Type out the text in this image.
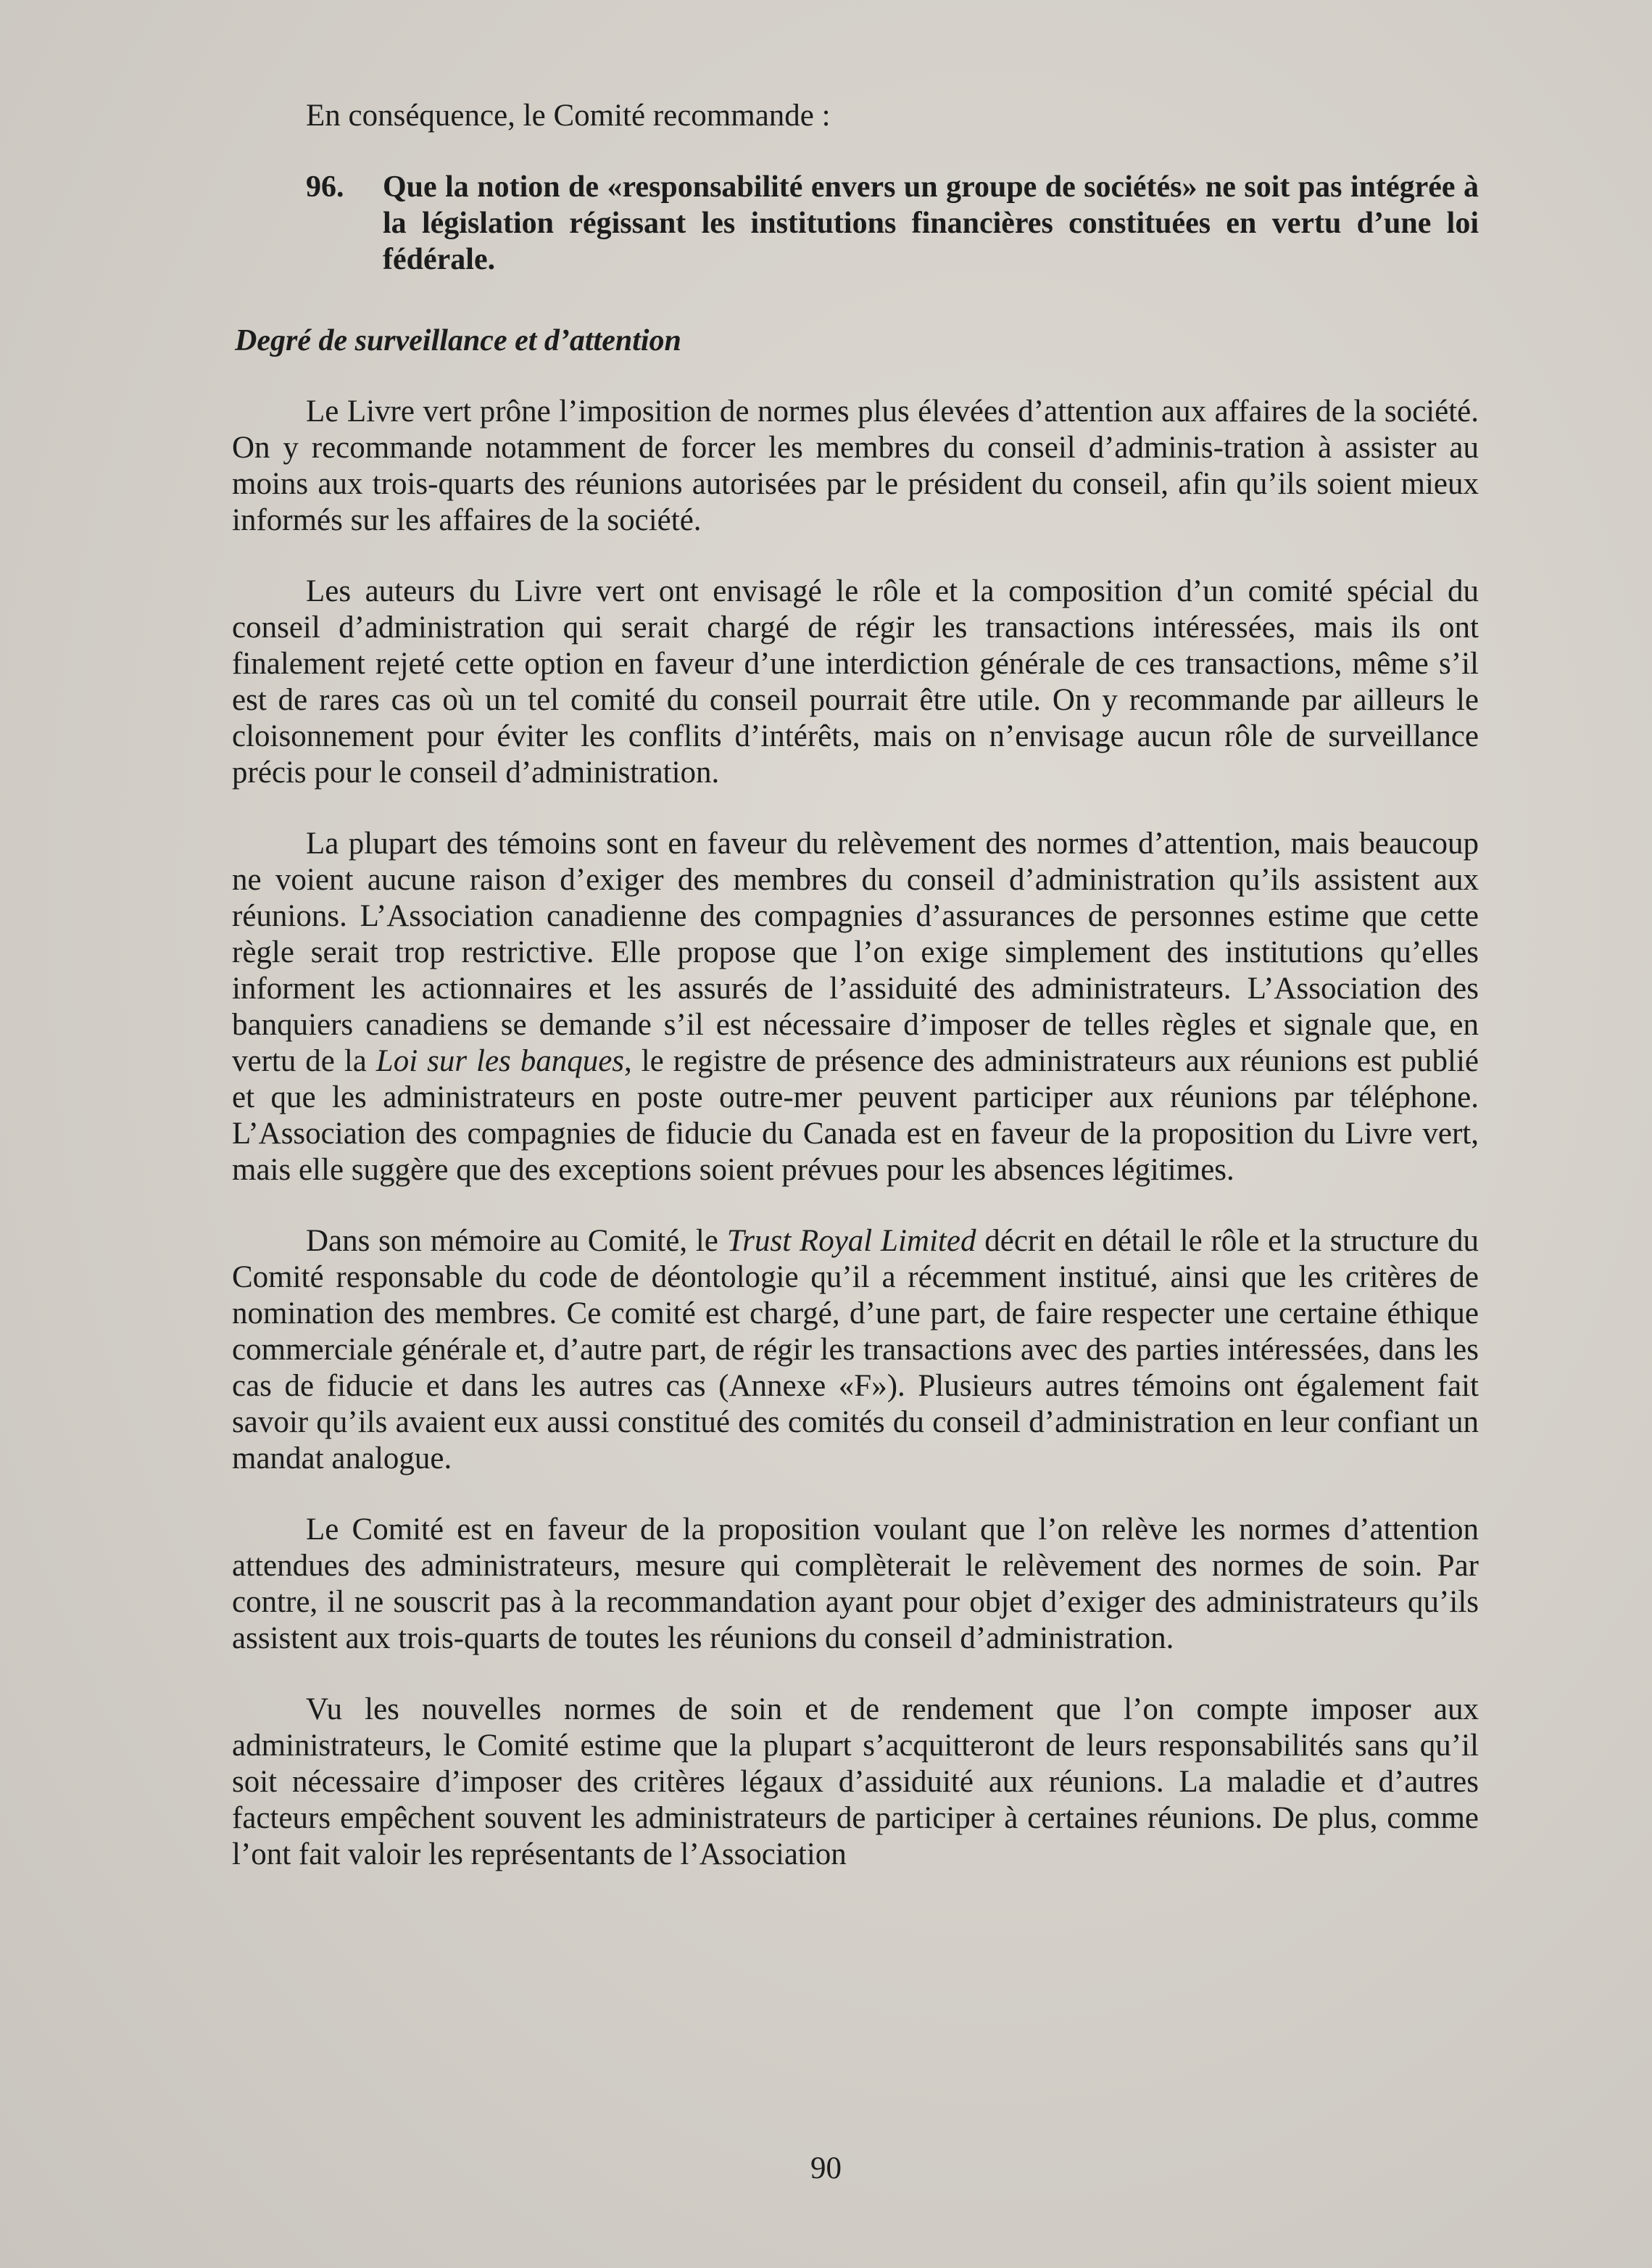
En conséquence, le Comité recommande :

96.	Que la notion de «responsabilité envers un groupe de sociétés» ne soit pas intégrée à la législation régissant les institutions financières constituées en vertu d’une loi fédérale.
Degré de surveillance et d’attention

Le Livre vert prône l’imposition de normes plus élevées d’attention aux affaires de la société. On y recommande notamment de forcer les membres du conseil d’adminis-tration à assister au moins aux trois-quarts des réunions autorisées par le président du conseil, afin qu’ils soient mieux informés sur les affaires de la société.

Les auteurs du Livre vert ont envisagé le rôle et la composition d’un comité spécial du conseil d’administration qui serait chargé de régir les transactions intéressées, mais ils ont finalement rejeté cette option en faveur d’une interdiction générale de ces transactions, même s’il est de rares cas où un tel comité du conseil pourrait être utile. On y recommande par ailleurs le cloisonnement pour éviter les conflits d’intérêts, mais on n’envisage aucun rôle de surveillance précis pour le conseil d’administration.

La plupart des témoins sont en faveur du relèvement des normes d’attention, mais beaucoup ne voient aucune raison d’exiger des membres du conseil d’administration qu’ils assistent aux réunions. L’Association canadienne des compagnies d’assurances de personnes estime que cette règle serait trop restrictive. Elle propose que l’on exige simplement des institutions qu’elles informent les actionnaires et les assurés de l’assiduité des administrateurs. L’Association des banquiers canadiens se demande s’il est nécessaire d’imposer de telles règles et signale que, en vertu de la Loi sur les banques, le registre de présence des administrateurs aux réunions est publié et que les administrateurs en poste outre-mer peuvent participer aux réunions par téléphone. L’Association des compagnies de fiducie du Canada est en faveur de la proposition du Livre vert, mais elle suggère que des exceptions soient prévues pour les absences légitimes.

Dans son mémoire au Comité, le Trust Royal Limited décrit en détail le rôle et la structure du Comité responsable du code de déontologie qu’il a récemment institué, ainsi que les critères de nomination des membres. Ce comité est chargé, d’une part, de faire respecter une certaine éthique commerciale générale et, d’autre part, de régir les transactions avec des parties intéressées, dans les cas de fiducie et dans les autres cas (Annexe «F»). Plusieurs autres témoins ont également fait savoir qu’ils avaient eux aussi constitué des comités du conseil d’administration en leur confiant un mandat analogue.

Le Comité est en faveur de la proposition voulant que l’on relève les normes d’attention attendues des administrateurs, mesure qui complèterait le relèvement des normes de soin. Par contre, il ne souscrit pas à la recommandation ayant pour objet d’exiger des administrateurs qu’ils assistent aux trois-quarts de toutes les réunions du conseil d’administration.

Vu les nouvelles normes de soin et de rendement que l’on compte imposer aux administrateurs, le Comité estime que la plupart s’acquitteront de leurs responsabilités sans qu’il soit nécessaire d’imposer des critères légaux d’assiduité aux réunions. La maladie et d’autres facteurs empêchent souvent les administrateurs de participer à certaines réunions. De plus, comme l’ont fait valoir les représentants de l’Association

90
